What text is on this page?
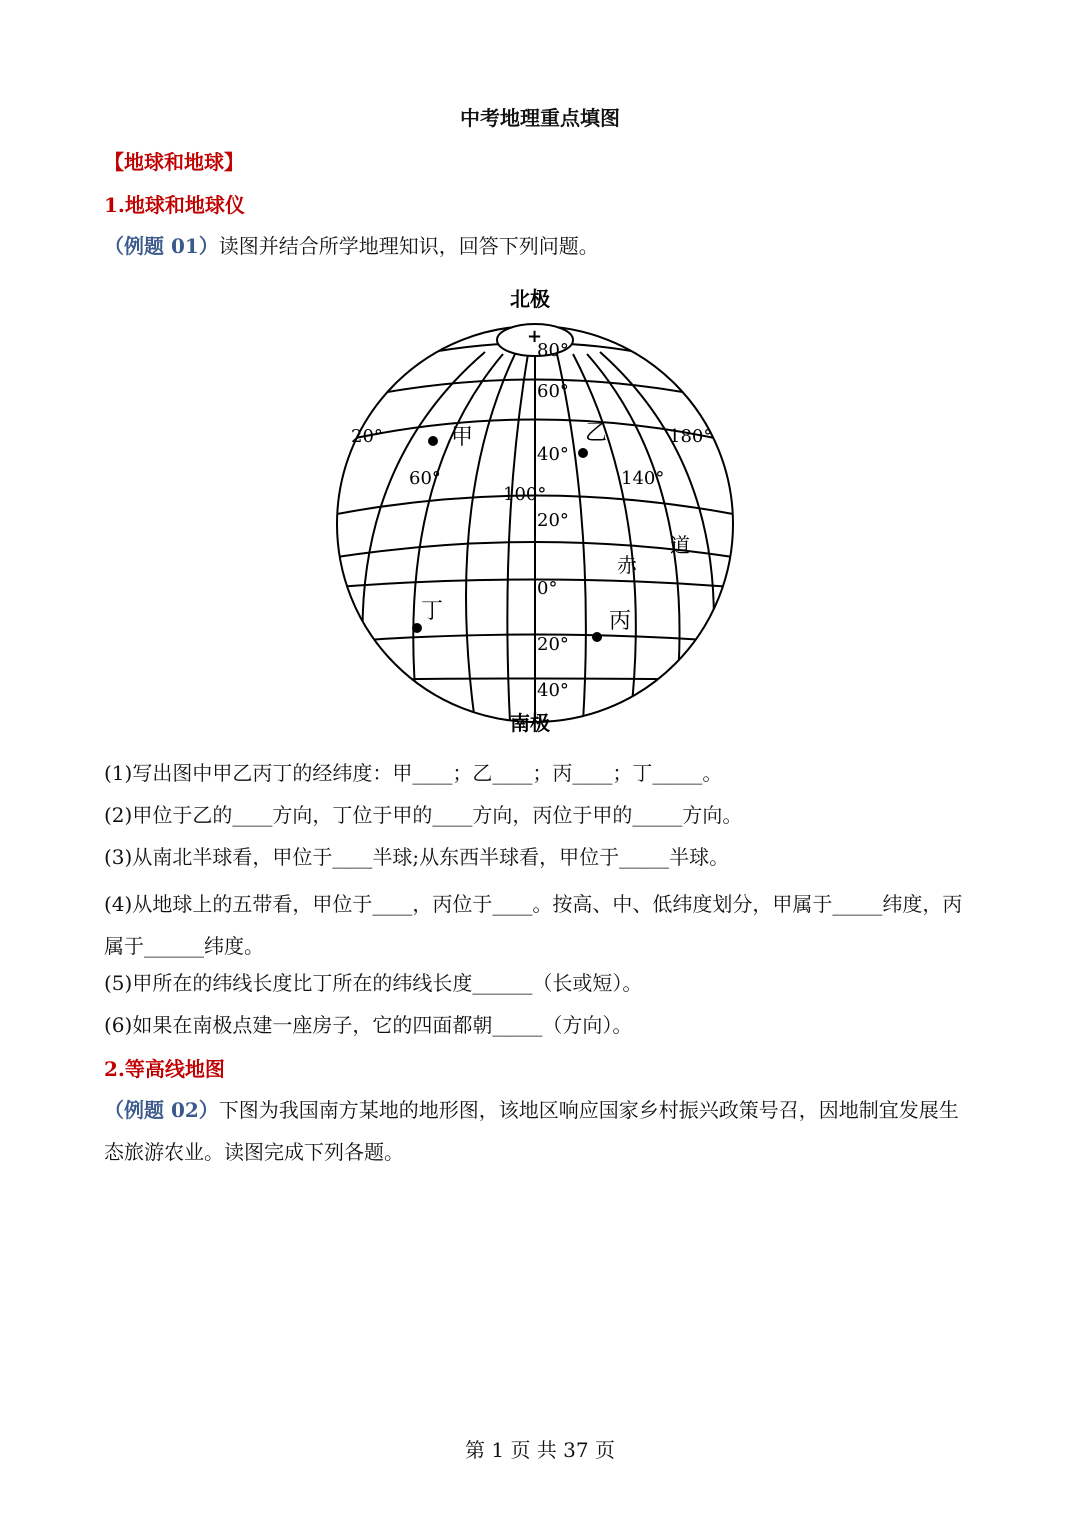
中考地理重点填图
【地球和地球】
1.地球和地球仪
（例题 01）读图并结合所学地理知识，回答下列问题。
+
北极
南极
80°
60°
40°
20°
0°
20°
40°
20°
60°
100°
140°
180°
赤
道
甲	乙
丙
丁
(1)写出图中甲乙丙丁的经纬度：甲____；乙____；丙____；丁_____。
(2)甲位于乙的____方向，丁位于甲的____方向，丙位于甲的_____方向。
(3)从南北半球看，甲位于____半球;从东西半球看，甲位于_____半球。
(4)从地球上的五带看，甲位于____，丙位于____。按高、中、低纬度划分，甲属于_____纬度，丙属于______纬度。
(5)甲所在的纬线长度比丁所在的纬线长度______（长或短）。
(6)如果在南极点建一座房子，它的四面都朝_____（方向）。
2.等高线地图
（例题 02）下图为我国南方某地的地形图，该地区响应国家乡村振兴政策号召，因地制宜发展生态旅游农业。读图完成下列各题。
第 1 页 共 37 页
